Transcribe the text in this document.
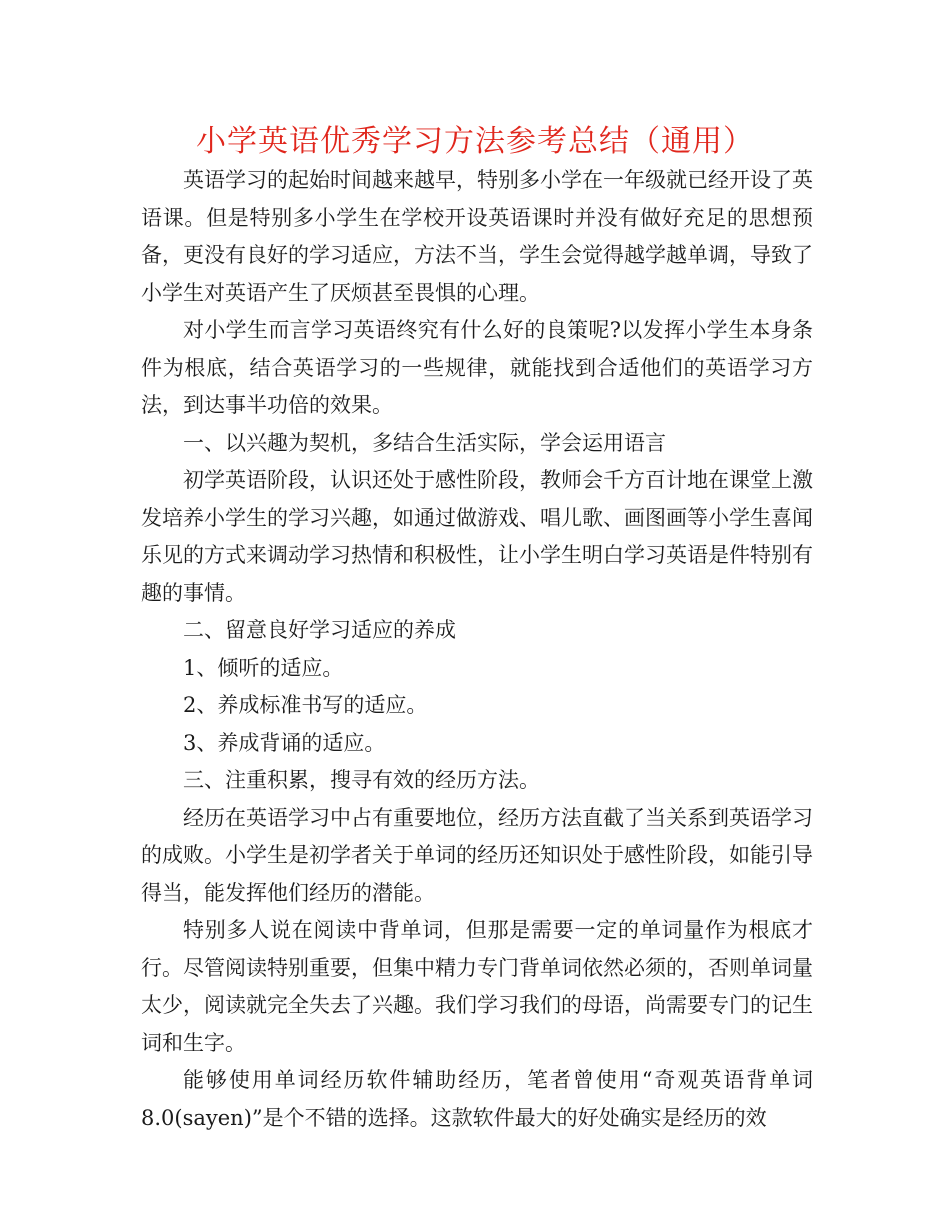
小学英语优秀学习方法参考总结（通用）

英语学习的起始时间越来越早，特别多小学在一年级就已经开设了英语课。但是特别多小学生在学校开设英语课时并没有做好充足的思想预备，更没有良好的学习适应，方法不当，学生会觉得越学越单调，导致了小学生对英语产生了厌烦甚至畏惧的心理。

对小学生而言学习英语终究有什么好的良策呢?以发挥小学生本身条件为根底，结合英语学习的一些规律，就能找到合适他们的英语学习方法，到达事半功倍的效果。

一、以兴趣为契机，多结合生活实际，学会运用语言

初学英语阶段，认识还处于感性阶段，教师会千方百计地在课堂上激发培养小学生的学习兴趣，如通过做游戏、唱儿歌、画图画等小学生喜闻乐见的方式来调动学习热情和积极性，让小学生明白学习英语是件特别有趣的事情。

二、留意良好学习适应的养成

1、倾听的适应。

2、养成标准书写的适应。

3、养成背诵的适应。

三、注重积累，搜寻有效的经历方法。

经历在英语学习中占有重要地位，经历方法直截了当关系到英语学习的成败。小学生是初学者关于单词的经历还知识处于感性阶段，如能引导得当，能发挥他们经历的潜能。

特别多人说在阅读中背单词，但那是需要一定的单词量作为根底才行。尽管阅读特别重要，但集中精力专门背单词依然必须的，否则单词量太少，阅读就完全失去了兴趣。我们学习我们的母语，尚需要专门的记生词和生字。

能够使用单词经历软件辅助经历，笔者曾使用“奇观英语背单词8.0(sayen)”是个不错的选择。这款软件最大的好处确实是经历的效
